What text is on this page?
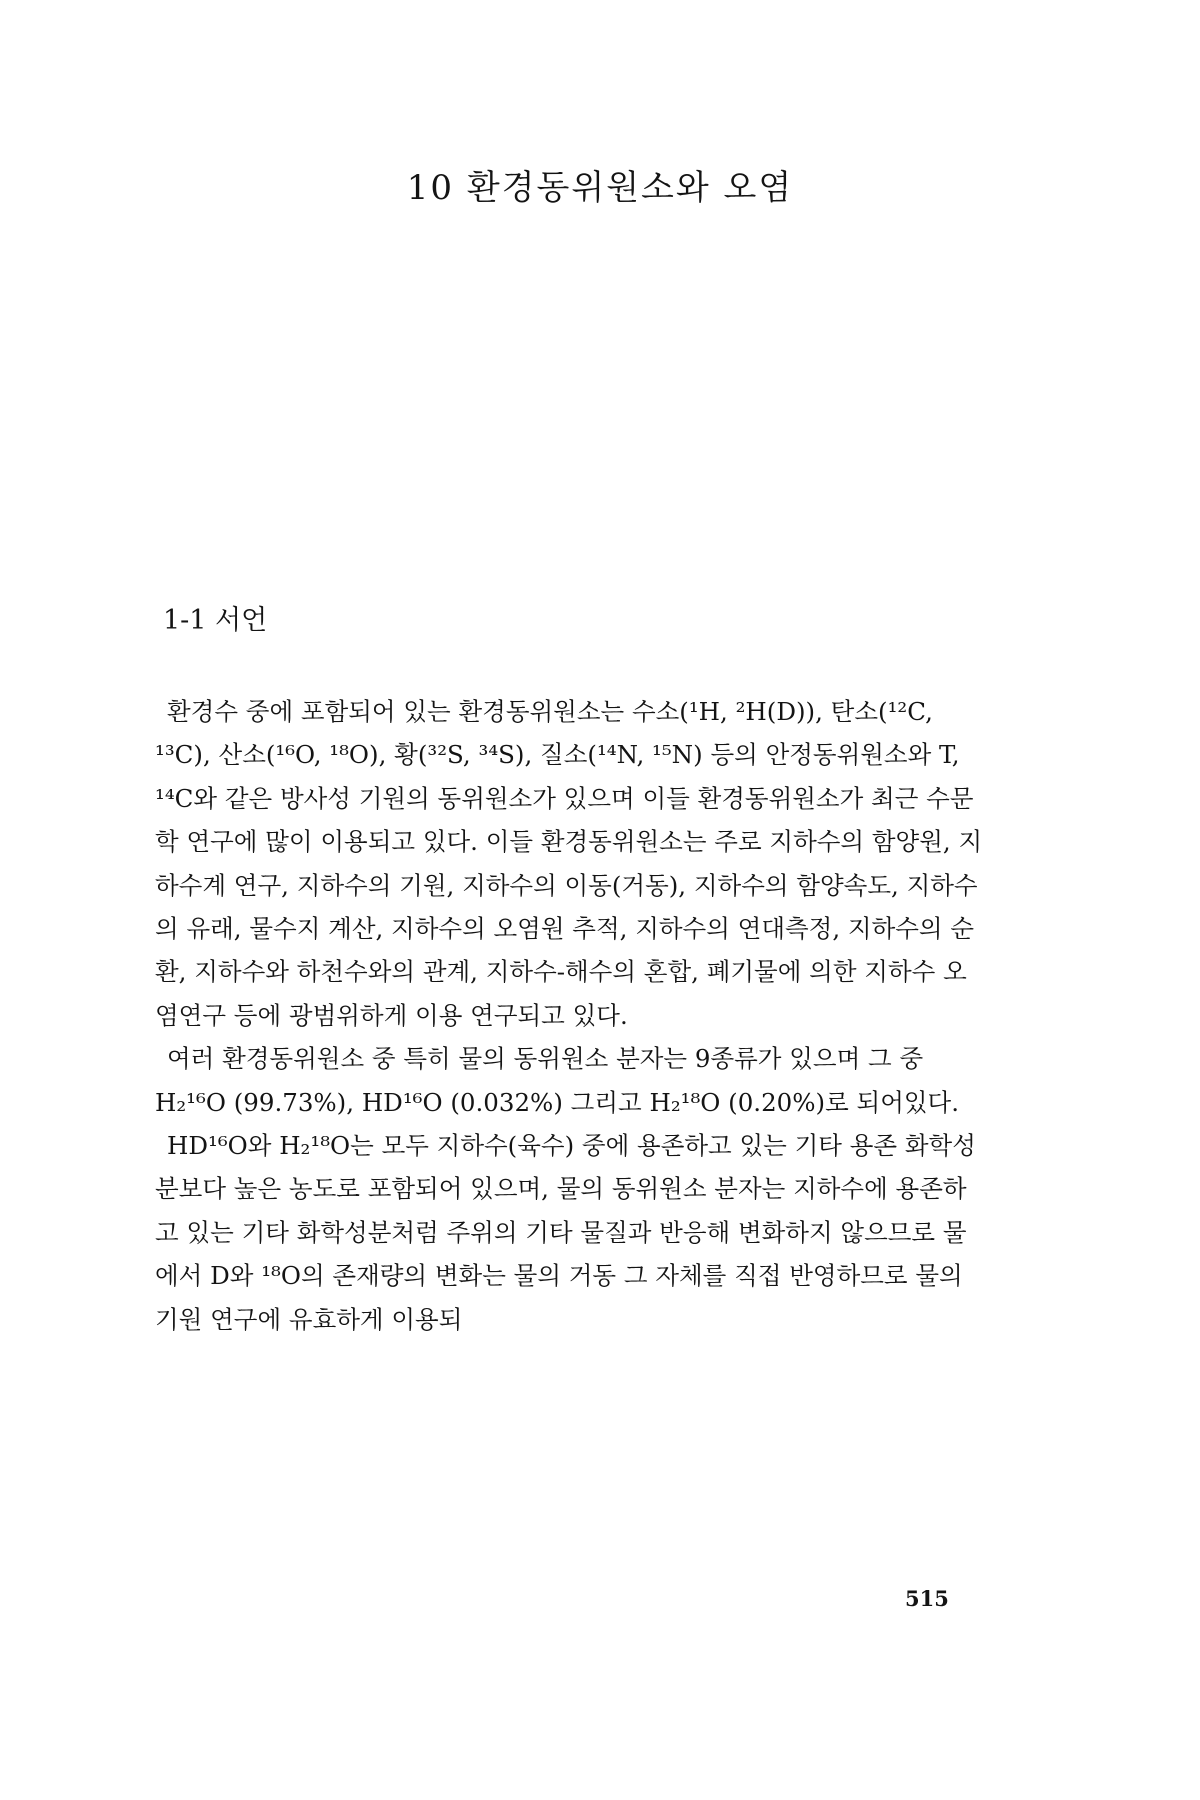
10 환경동위원소와 오염
1-1 서언

환경수 중에 포함되어 있는 환경동위원소는 수소(¹H, ²H(D)), 탄소(¹²C, ¹³C), 산소(¹⁶O, ¹⁸O), 황(³²S, ³⁴S), 질소(¹⁴N, ¹⁵N) 등의 안정동위원소와 T, ¹⁴C와 같은 방사성 기원의 동위원소가 있으며 이들 환경동위원소가 최근 수문학 연구에 많이 이용되고 있다. 이들 환경동위원소는 주로 지하수의 함양원, 지하수계 연구, 지하수의 기원, 지하수의 이동(거동), 지하수의 함양속도, 지하수의 유래, 물수지 계산, 지하수의 오염원 추적, 지하수의 연대측정, 지하수의 순환, 지하수와 하천수와의 관계, 지하수-해수의 혼합, 폐기물에 의한 지하수 오염연구 등에 광범위하게 이용 연구되고 있다.

여러 환경동위원소 중 특히 물의 동위원소 분자는 9종류가 있으며 그 중 H₂¹⁶O (99.73%), HD¹⁶O (0.032%) 그리고 H₂¹⁸O (0.20%)로 되어있다.

HD¹⁶O와 H₂¹⁸O는 모두 지하수(육수) 중에 용존하고 있는 기타 용존 화학성분보다 높은 농도로 포함되어 있으며, 물의 동위원소 분자는 지하수에 용존하고 있는 기타 화학성분처럼 주위의 기타 물질과 반응해 변화하지 않으므로 물에서 D와 ¹⁸O의 존재량의 변화는 물의 거동 그 자체를 직접 반영하므로 물의 기원 연구에 유효하게 이용되

515
